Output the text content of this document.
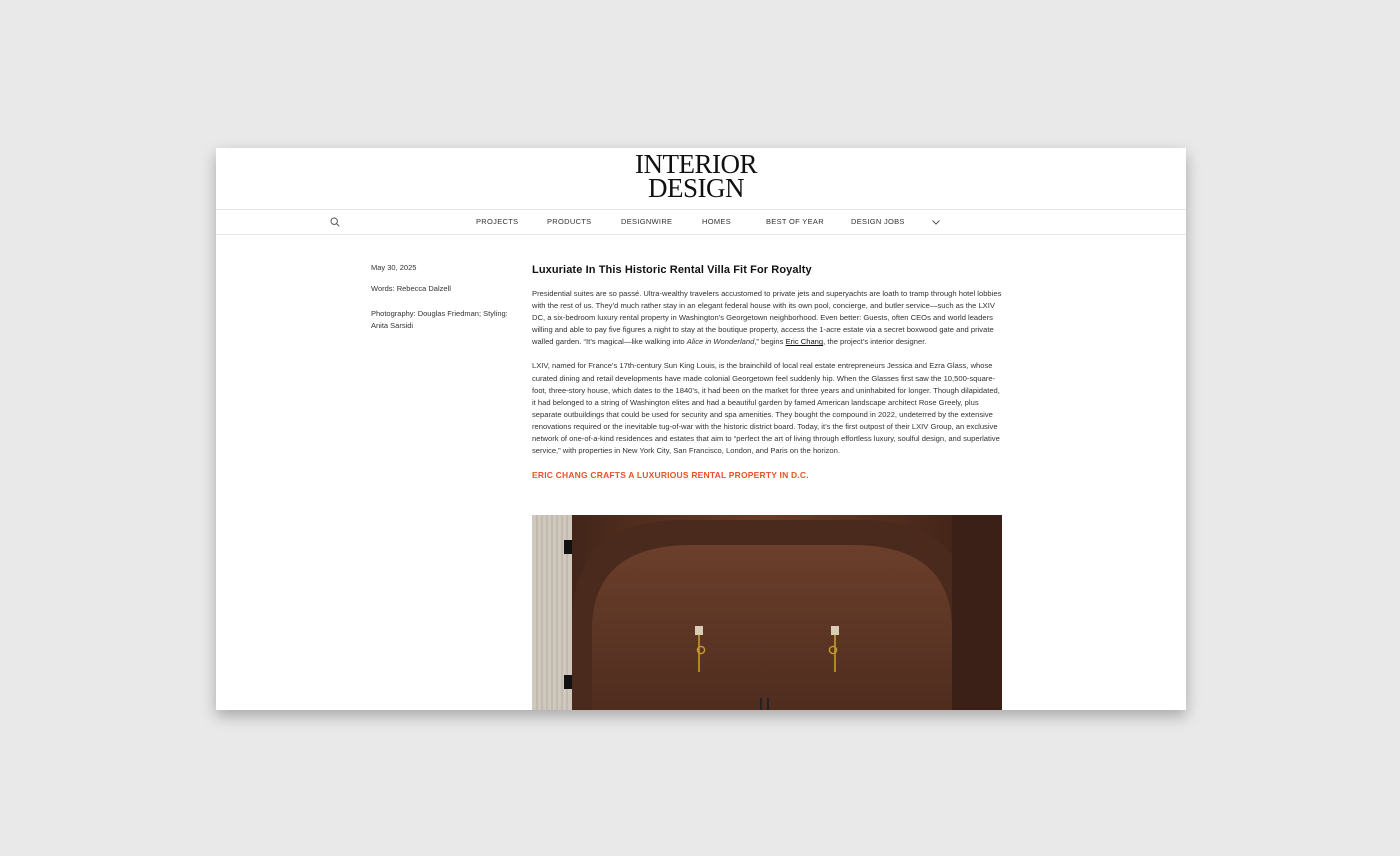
INTERIOR
DESIGN
PROJECTS	PRODUCTS	DESIGNWIRE	HOMES	BEST OF YEAR	DESIGN JOBS
May 30, 2025
Words: Rebecca Dalzell
Photography: Douglas Friedman; Styling: Anita Sarsidi
Luxuriate In This Historic Rental Villa Fit For Royalty

Presidential suites are so passé. Ultra-wealthy travelers accustomed to private jets and superyachts are loath to tramp through hotel lobbies with the rest of us. They’d much rather stay in an elegant federal house with its own pool, concierge, and butler service—such as the LXIV DC, a six-bedroom luxury rental property in Washington’s Georgetown neighborhood. Even better: Guests, often CEOs and world leaders willing and able to pay five figures a night to stay at the boutique property, access the 1-acre estate via a secret boxwood gate and private walled garden. “It’s magical—like walking into Alice in Wonderland,” begins Eric Chang, the project’s interior designer.

LXIV, named for France’s 17th-century Sun King Louis, is the brainchild of local real estate entrepreneurs Jessica and Ezra Glass, whose curated dining and retail developments have made colonial Georgetown feel suddenly hip. When the Glasses first saw the 10,500-square-foot, three-story house, which dates to the 1840’s, it had been on the market for three years and uninhabited for longer. Though dilapidated, it had belonged to a string of Washington elites and had a beautiful garden by famed American landscape architect Rose Greely, plus separate outbuildings that could be used for security and spa amenities. They bought the compound in 2022, undeterred by the extensive renovations required or the inevitable tug-of-war with the historic district board. Today, it’s the first outpost of their LXIV Group, an exclusive network of one-of-a-kind residences and estates that aim to “perfect the art of living through effortless luxury, soulful design, and superlative service,” with properties in New York City, San Francisco, London, and Paris on the horizon.

ERIC CHANG CRAFTS A LUXURIOUS RENTAL PROPERTY IN D.C.
